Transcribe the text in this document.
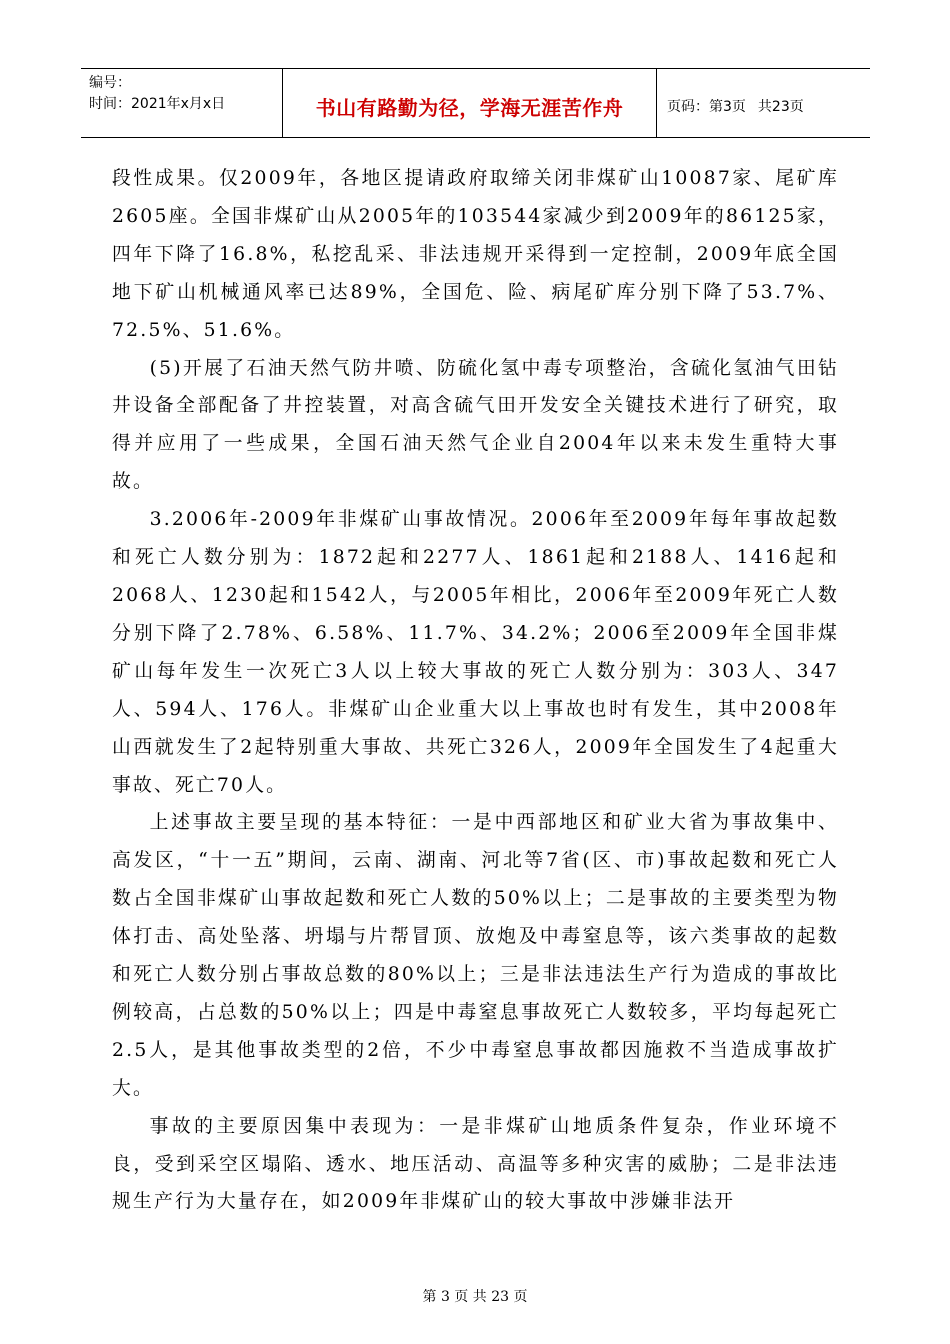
编号：
时间：2021年x月x日	书山有路勤为径，学海无涯苦作舟	页码：第3页 共23页

段性成果。仅2009年，各地区提请政府取缔关闭非煤矿山10087家、尾矿库2605座。全国非煤矿山从2005年的103544家减少到2009年的86125家，四年下降了16.8%，私挖乱采、非法违规开采得到一定控制，2009年底全国地下矿山机械通风率已达89%，全国危、险、病尾矿库分别下降了53.7%、72.5%、51.6%。

(5)开展了石油天然气防井喷、防硫化氢中毒专项整治，含硫化氢油气田钻井设备全部配备了井控装置，对高含硫气田开发安全关键技术进行了研究，取得并应用了一些成果，全国石油天然气企业自2004年以来未发生重特大事故。

3.2006年-2009年非煤矿山事故情况。2006年至2009年每年事故起数和死亡人数分别为：1872起和2277人、1861起和2188人、1416起和2068人、1230起和1542人，与2005年相比，2006年至2009年死亡人数分别下降了2.78%、6.58%、11.7%、34.2%；2006至2009年全国非煤矿山每年发生一次死亡3人以上较大事故的死亡人数分别为：303人、347人、594人、176人。非煤矿山企业重大以上事故也时有发生，其中2008年山西就发生了2起特别重大事故、共死亡326人，2009年全国发生了4起重大事故、死亡70人。

上述事故主要呈现的基本特征：一是中西部地区和矿业大省为事故集中、高发区，“十一五”期间，云南、湖南、河北等7省(区、市)事故起数和死亡人数占全国非煤矿山事故起数和死亡人数的50%以上；二是事故的主要类型为物体打击、高处坠落、坍塌与片帮冒顶、放炮及中毒窒息等，该六类事故的起数和死亡人数分别占事故总数的80%以上；三是非法违法生产行为造成的事故比例较高，占总数的50%以上；四是中毒窒息事故死亡人数较多，平均每起死亡2.5人，是其他事故类型的2倍，不少中毒窒息事故都因施救不当造成事故扩大。

事故的主要原因集中表现为：一是非煤矿山地质条件复杂，作业环境不良，受到采空区塌陷、透水、地压活动、高温等多种灾害的威胁；二是非法违规生产行为大量存在，如2009年非煤矿山的较大事故中涉嫌非法开

第 3 页 共 23 页
